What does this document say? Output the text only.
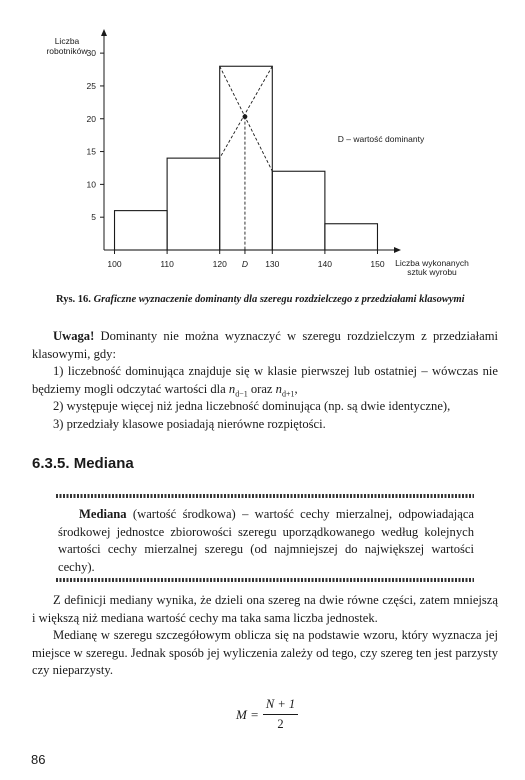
Liczba
robotników
5
10
15
20
25
30
100	110	120 D 130	140	150 Liczba wykonanych
sztuk wyrobu
D – wartość dominanty
Rys. 16. Graficzne wyznaczenie dominanty dla szeregu rozdzielczego z przedziałami klasowymi

Uwaga! Dominanty nie można wyznaczyć w szeregu rozdzielczym z przedziałami klasowymi, gdy:

1) liczebność dominująca znajduje się w klasie pierwszej lub ostatniej – wówczas nie będziemy mogli odczytać wartości dla $n_{d-1}$ oraz $n_{d+1}$,

2) występuje więcej niż jedna liczebność dominująca (np. są dwie identyczne),

3) przedziały klasowe posiadają nierówne rozpiętości.

6.3.5. Mediana

Mediana (wartość środkowa) – wartość cechy mierzalnej, odpowiadająca środkowej jednostce zbiorowości szeregu uporządkowanego według kolejnych wartości cechy mierzalnej szeregu (od najmniejszej do największej wartości cechy).

Z definicji mediany wynika, że dzieli ona szereg na dwie równe części, zatem mniejszą i większą niż mediana wartość cechy ma taka sama liczba jednostek.

Medianę w szeregu szczegółowym oblicza się na podstawie wzoru, który wyznacza jej miejsce w szeregu. Jednak sposób jej wyliczenia zależy od tego, czy szereg ten jest parzysty czy nieparzysty.

$M = \frac{N + 1}{2}$
86
